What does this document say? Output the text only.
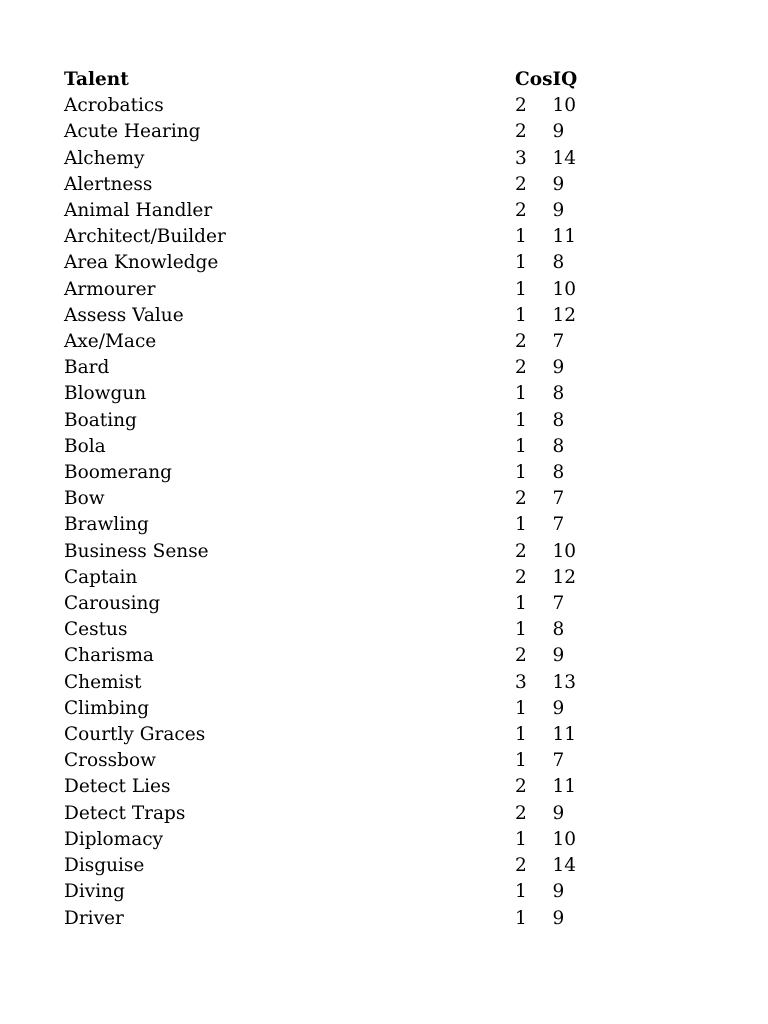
Talent	Cos	IQ
Acrobatics	2	10
Acute Hearing	2	9
Alchemy	3	14
Alertness	2	9
Animal Handler	2	9
Architect/Builder	1	11
Area Knowledge	1	8
Armourer	1	10
Assess Value	1	12
Axe/Mace	2	7
Bard	2	9
Blowgun	1	8
Boating	1	8
Bola	1	8
Boomerang	1	8
Bow	2	7
Brawling	1	7
Business Sense	2	10
Captain	2	12
Carousing	1	7
Cestus	1	8
Charisma	2	9
Chemist	3	13
Climbing	1	9
Courtly Graces	1	11
Crossbow	1	7
Detect Lies	2	11
Detect Traps	2	9
Diplomacy	1	10
Disguise	2	14
Diving	1	9
Driver	1	9
